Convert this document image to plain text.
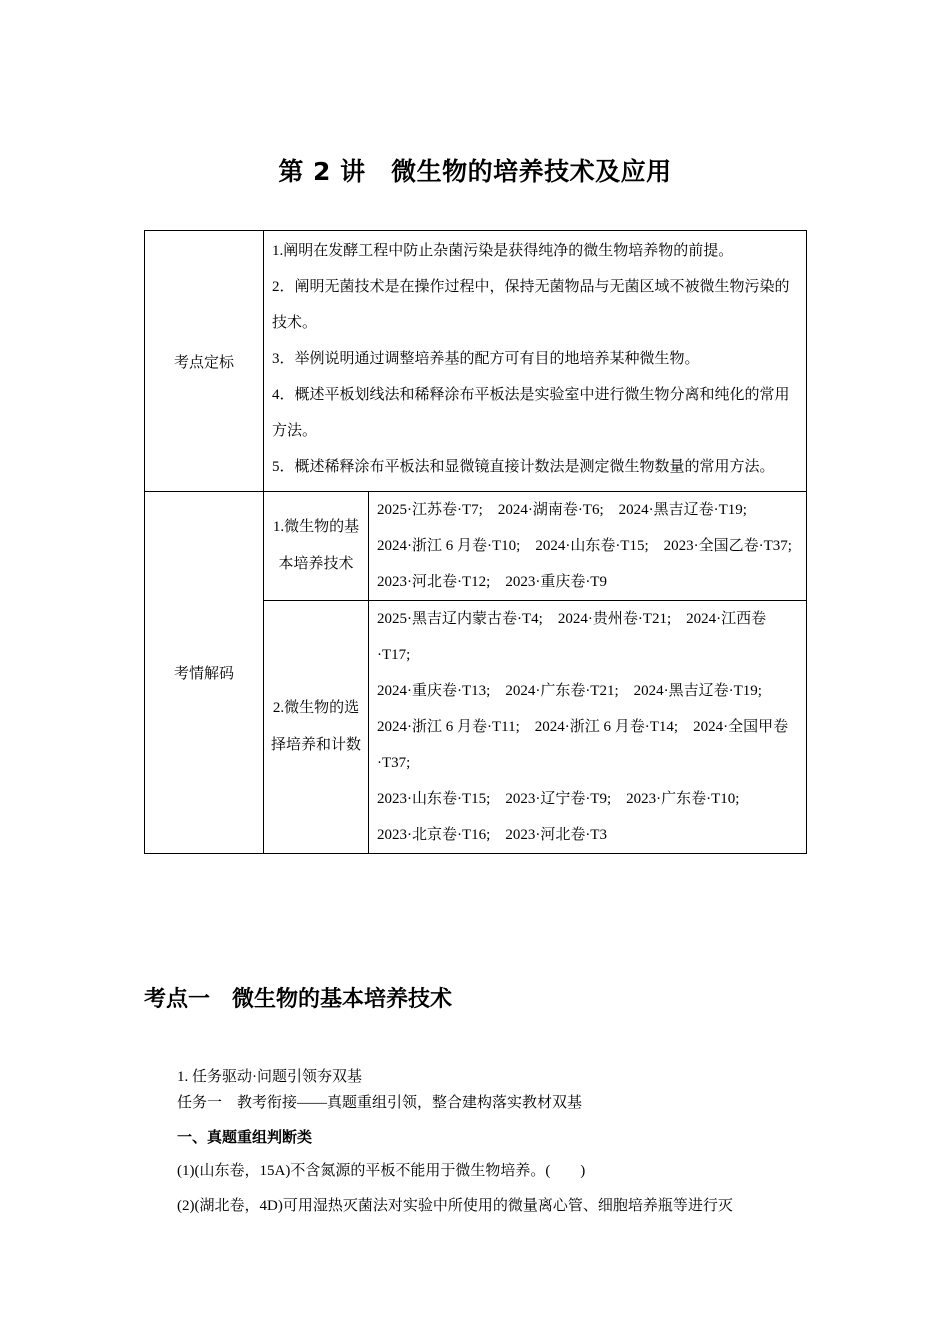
第 2 讲　微生物的培养技术及应用
考点定标	1.阐明在发酵工程中防止杂菌污染是获得纯净的微生物培养物的前提。

2．阐明无菌技术是在操作过程中，保持无菌物品与无菌区域不被微生物污染的技术。

3．举例说明通过调整培养基的配方可有目的地培养某种微生物。

4．概述平板划线法和稀释涂布平板法是实验室中进行微生物分离和纯化的常用方法。

5．概述稀释涂布平板法和显微镜直接计数法是测定微生物数量的常用方法。	

考情解码	1.微生物的基本培养技术	2025·江苏卷·T7;　2024·湖南卷·T6;　2024·黑吉辽卷·T19;

2024·浙江 6 月卷·T10;　2024·山东卷·T15;　2023·全国乙卷·T37;

2023·河北卷·T12;　2023·重庆卷·T9

	2.微生物的选择培养和计数	2025·黑吉辽内蒙古卷·T4;　2024·贵州卷·T21;　2024·江西卷·T17;

2024·重庆卷·T13;　2024·广东卷·T21;　2024·黑吉辽卷·T19;

2024·浙江 6 月卷·T11;　2024·浙江 6 月卷·T14;　2024·全国甲卷·T37;

2023·山东卷·T15;　2023·辽宁卷·T9;　2023·广东卷·T10;

2023·北京卷·T16;　2023·河北卷·T3

考点一　微生物的基本培养技术
1. 任务驱动·问题引领夯双基
任务一　教考衔接——真题重组引领，整合建构落实教材双基
一、真题重组判断类
(1)(山东卷，15A)不含氮源的平板不能用于微生物培养。(　　)
(2)(湖北卷，4D)可用湿热灭菌法对实验中所使用的微量离心管、细胞培养瓶等进行灭
